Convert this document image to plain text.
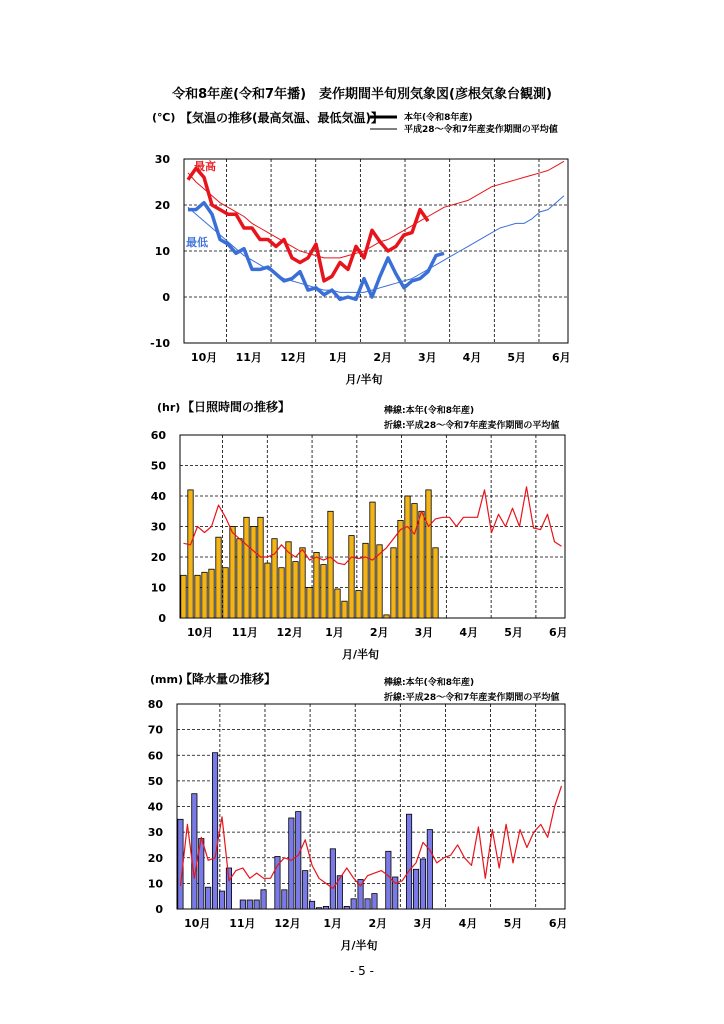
令和8年産(令和7年播)　麦作期間半旬別気象図(彦根気象台観測)
(℃) 【気温の推移(最高気温、最低気温)】 本年(令和8年産)
平成28～令和7年産麦作期間の平均値
-10
0
10
20
30
10月 11月 12月 1月 2月 3月 4月 5月 6月
月/半旬
最高
最低
(hr) 【日照時間の推移】	棒線:本年(令和8年産)
折線:平成28～令和7年産麦作期間の平均値
0
10
20
30
40
50
60
10月 11月 12月 1月 2月 3月 4月 5月 6月
月/半旬
(mm)
【降水量の推移】	棒線:本年(令和8年産)
折線:平成28～令和7年産麦作期間の平均値
0
10
20
30
40
50
60
70
80
10月 11月 12月 1月 2月 3月 4月 5月 6月
月/半旬
- 5 -
